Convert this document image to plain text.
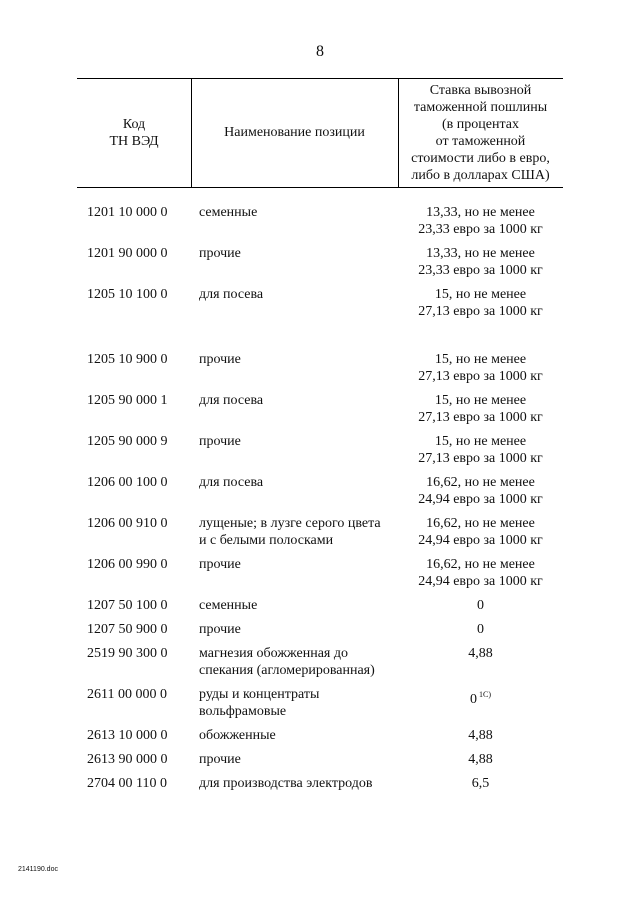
8
Код
ТН ВЭД
Наименование позиции
Ставка вывозной
таможенной пошлины
(в процентах
от таможенной
стоимости либо в евро,
либо в долларах США)
1201 10 000 0 семенные	13,33, но не менее
23,33 евро за 1000 кг
1201 90 000 0 прочие	13,33, но не менее
23,33 евро за 1000 кг
1205 10 100 0 для посева	15, но не менее
27,13 евро за 1000 кг
1205 10 900 0 прочие	15, но не менее
27,13 евро за 1000 кг
1205 90 000 1 для посева	15, но не менее
27,13 евро за 1000 кг
1205 90 000 9 прочие	15, но не менее
27,13 евро за 1000 кг
1206 00 100 0 для посева	16,62, но не менее
24,94 евро за 1000 кг
1206 00 910 0 лущеные; в лузге серого цвета
и с белыми полосками
16,62, но не менее
24,94 евро за 1000 кг
1206 00 990 0 прочие	16,62, но не менее
24,94 евро за 1000 кг
1207 50 100 0 семенные	0
1207 50 900 0 прочие	0
2519 90 300 0 магнезия обожженная до
спекания (агломерированная)
4,88
2611 00 000 0 руды и концентраты
вольфрамовые
0 $^{1С)}$
2613 10 000 0 обожженные	4,88
2613 90 000 0 прочие	4,88
2704 00 110 0 для производства электродов	6,5
2141190.doc
